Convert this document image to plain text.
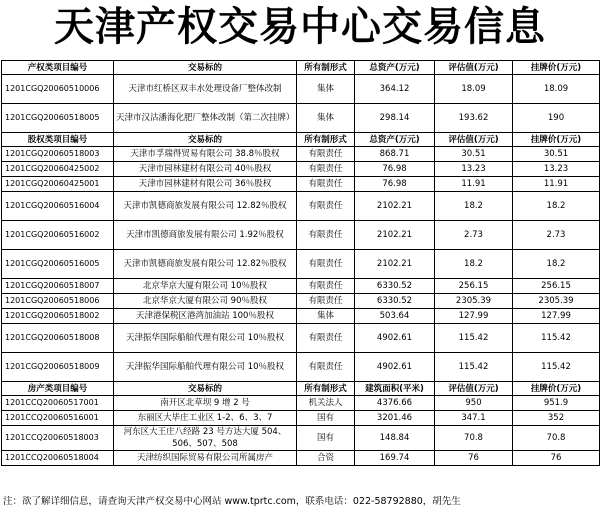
天津产权交易中心交易信息
产权类项目编号	交易标的	所有制形式	总资产(万元)	评估值(万元)	挂牌价(万元)
1201CGQ20060510006	天津市红桥区双丰水处理设备厂整体改制	集体	364.12	18.09	18.09
1201CGQ20060518005	天津市汉沽潘海化肥厂整体改制（第二次挂牌）	集体	298.14	193.62	190
股权类项目编号	交易标的	所有制形式	总资产(万元)	评估值(万元)	挂牌价(万元)
1201CGQ20060518003	天津市孚瑞得贸易有限公司 38.8％股权	有限责任	868.71	30.51	30.51
1201CGQ20060425002	天津市园林建材有限公司 40％股权	有限责任	76.98	13.23	13.23
1201CGQ20060425001	天津市园林建材有限公司 36％股权	有限责任	76.98	11.91	11.91
1201CGQ20060516004	天津市凯德商旅发展有限公司 12.82％股权	有限责任	2102.21	18.2	18.2
1201CGQ20060516002	天津市凯德商旅发展有限公司 1.92％股权	有限责任	2102.21	2.73	2.73
1201CGQ20060516005	天津市凯德商旅发展有限公司 12.82％股权	有限责任	2102.21	18.2	18.2
1201CGQ20060518007	北京华京大厦有限公司 10％股权	有限责任	6330.52	256.15	256.15
1201CGQ20060518006	北京华京大厦有限公司 90％股权	有限责任	6330.52	2305.39	2305.39
1201CGQ20060518002	天津港保税区港湾加油站 100％股权	集体	503.64	127.99	127.99
1201CGQ20060518008	天津振华国际船舶代理有限公司 10％股权	有限责任	4902.61	115.42	115.42
1201CGQ20060518009	天津振华国际船舶代理有限公司 10％股权	有限责任	4902.61	115.42	115.42
房产类项目编号	交易标的	所有制形式	建筑面积(平米)	评估值(万元)	挂牌价(万元)
1201CCQ20060517001	南开区北草坝 9 增 2 号	机关法人	4376.66	950	951.9
1201CCQ20060516001	东丽区大毕庄工业区 1-2、6、3、7	国有	3201.46	347.1	352
1201CCQ20060518003	河东区大王庄八经路 23 号方达大厦 504、506、507、508	国有	148.84	70.8	70.8
1201CCQ20060518004	天津纺织国际贸易有限公司所属房产	合资	169.74	76	76
注：欲了解详细信息，请查询天津产权交易中心网站 www.tprtc.com，联系电话：022-58792880，胡先生
